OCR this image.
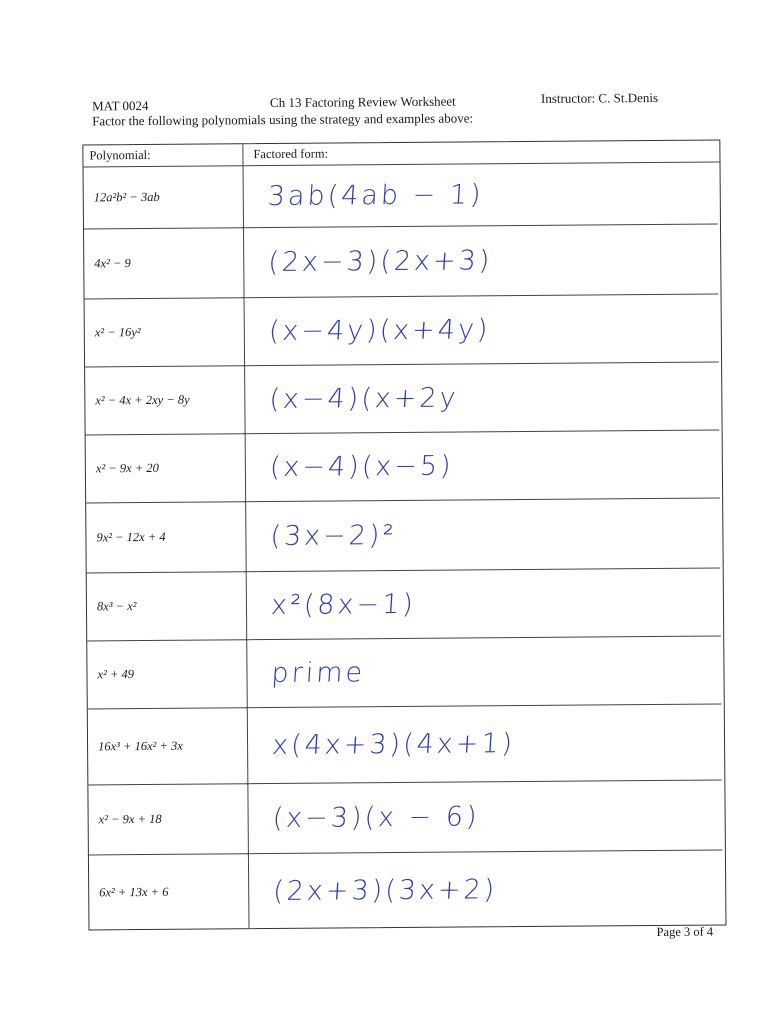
MAT 0024	Ch 13 Factoring Review Worksheet	Instructor: C. St.Denis
Factor the following polynomials using the strategy and examples above:
Polynomial:	Factored form:
12a²b² − 3ab	3ab(4ab − 1)
4x² − 9	(2x−3)(2x+3)
x² − 16y²	(x−4y)(x+4y)
x² − 4x + 2xy − 8y	(x−4)(x+2y
x² − 9x + 20	(x−4)(x−5)
9x² − 12x + 4	(3x−2)²
8x³ − x²	x²(8x−1)
x² + 49	prime
16x³ + 16x² + 3x	x(4x+3)(4x+1)
x² − 9x + 18	(x−3)(x − 6)
6x² + 13x + 6	(2x+3)(3x+2)
Page 3 of 4
